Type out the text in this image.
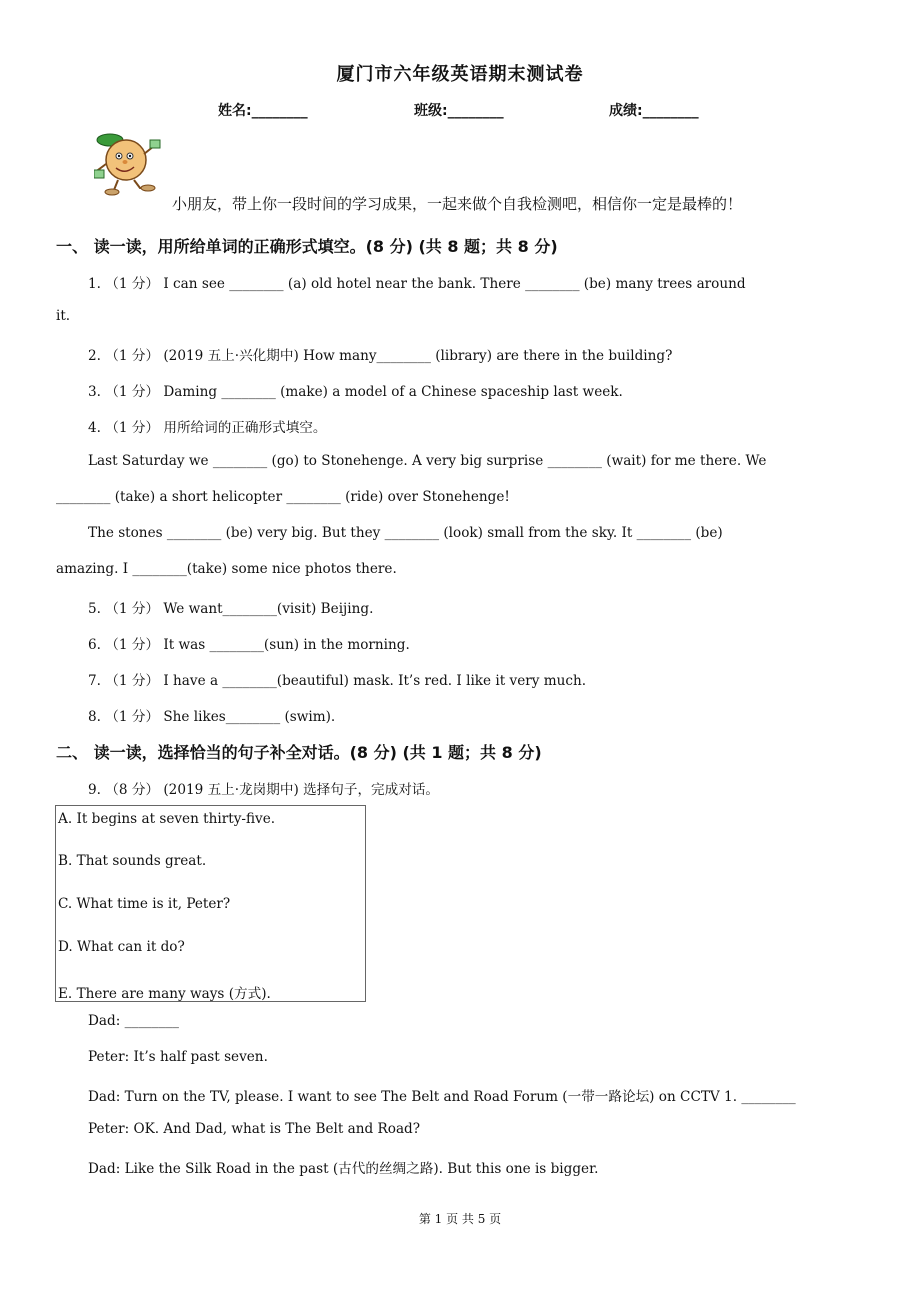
厦门市六年级英语期末测试卷
姓名:________	班级:________	成绩:________
小朋友，带上你一段时间的学习成果，一起来做个自我检测吧，相信你一定是最棒的！
一、 读一读，用所给单词的正确形式填空。(8 分) (共 8 题；共 8 分)
1. （1 分） I can see ________ (a) old hotel near the bank. There ________ (be) many trees around
it.
2. （1 分） (2019 五上·兴化期中) How many________ (library) are there in the building?
3. （1 分） Daming ________ (make) a model of a Chinese spaceship last week.
4. （1 分） 用所给词的正确形式填空。
Last Saturday we ________ (go) to Stonehenge. A very big surprise ________ (wait) for me there. We
________ (take) a short helicopter ________ (ride) over Stonehenge!
The stones ________ (be) very big. But they ________ (look) small from the sky. It ________ (be)
amazing. I ________(take) some nice photos there.
5. （1 分） We want________(visit) Beijing.
6. （1 分） It was ________(sun) in the morning.
7. （1 分） I have a ________(beautiful) mask. It’s red. I like it very much.
8. （1 分） She likes________ (swim).
二、 读一读，选择恰当的句子补全对话。(8 分) (共 1 题；共 8 分)
9. （8 分） (2019 五上·龙岗期中) 选择句子，完成对话。
A. It begins at seven thirty-five.
B. That sounds great.
C. What time is it, Peter?
D. What can it do?
E. There are many ways (方式).
Dad: ________
Peter: It’s half past seven.
Dad: Turn on the TV, please. I want to see The Belt and Road Forum (一带一路论坛) on CCTV 1. ________
Peter: OK. And Dad, what is The Belt and Road?
Dad: Like the Silk Road in the past (古代的丝绸之路). But this one is bigger.
第 1 页 共 5 页
